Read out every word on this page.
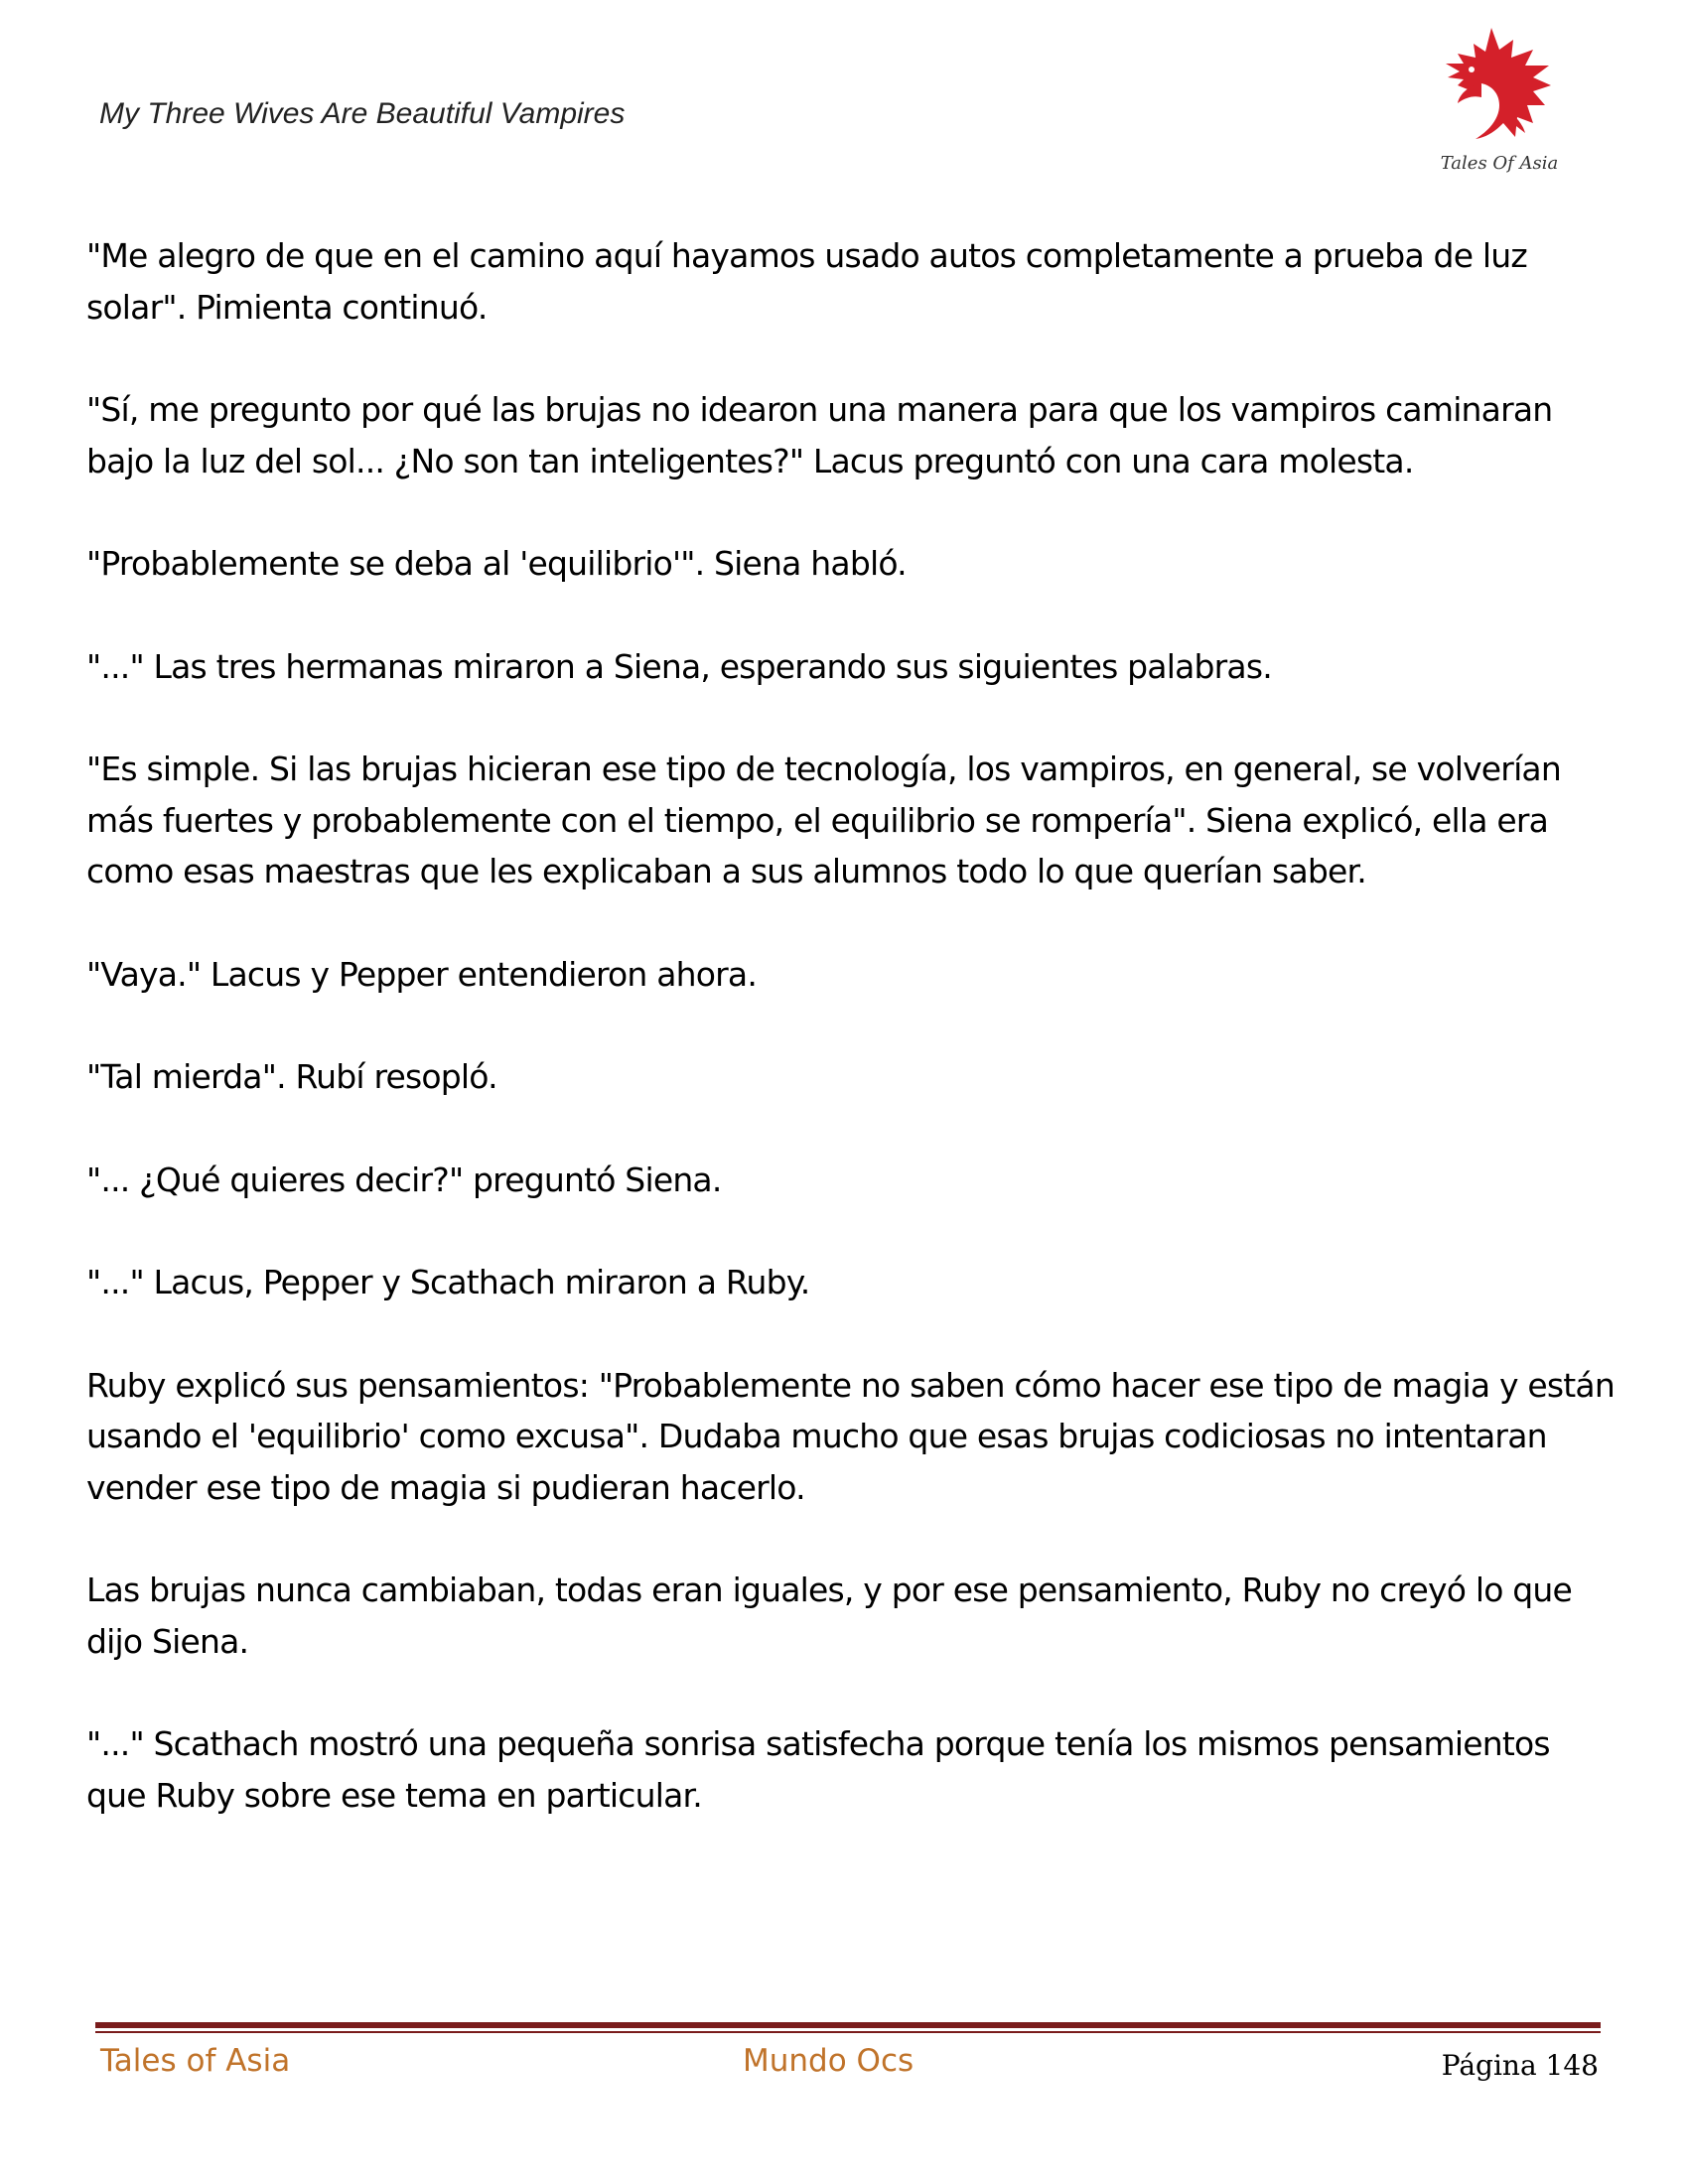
My Three Wives Are Beautiful Vampires
Tales Of Asia

"Me alegro de que en el camino aquí hayamos usado autos completamente a prueba de luz solar". Pimienta continuó.

"Sí, me pregunto por qué las brujas no idearon una manera para que los vampiros caminaran bajo la luz del sol... ¿No son tan inteligentes?" Lacus preguntó con una cara molesta.

"Probablemente se deba al 'equilibrio'". Siena habló.

"..." Las tres hermanas miraron a Siena, esperando sus siguientes palabras.

"Es simple. Si las brujas hicieran ese tipo de tecnología, los vampiros, en general, se volverían más fuertes y probablemente con el tiempo, el equilibrio se rompería". Siena explicó, ella era como esas maestras que les explicaban a sus alumnos todo lo que querían saber.

"Vaya." Lacus y Pepper entendieron ahora.

"Tal mierda". Rubí resopló.

"... ¿Qué quieres decir?" preguntó Siena.

"..." Lacus, Pepper y Scathach miraron a Ruby.

Ruby explicó sus pensamientos: "Probablemente no saben cómo hacer ese tipo de magia y están usando el 'equilibrio' como excusa". Dudaba mucho que esas brujas codiciosas no intentaran vender ese tipo de magia si pudieran hacerlo.

Las brujas nunca cambiaban, todas eran iguales, y por ese pensamiento, Ruby no creyó lo que dijo Siena.

"..." Scathach mostró una pequeña sonrisa satisfecha porque tenía los mismos pensamientos que Ruby sobre ese tema en particular.

Tales of Asia	Mundo Ocs	Página 148
